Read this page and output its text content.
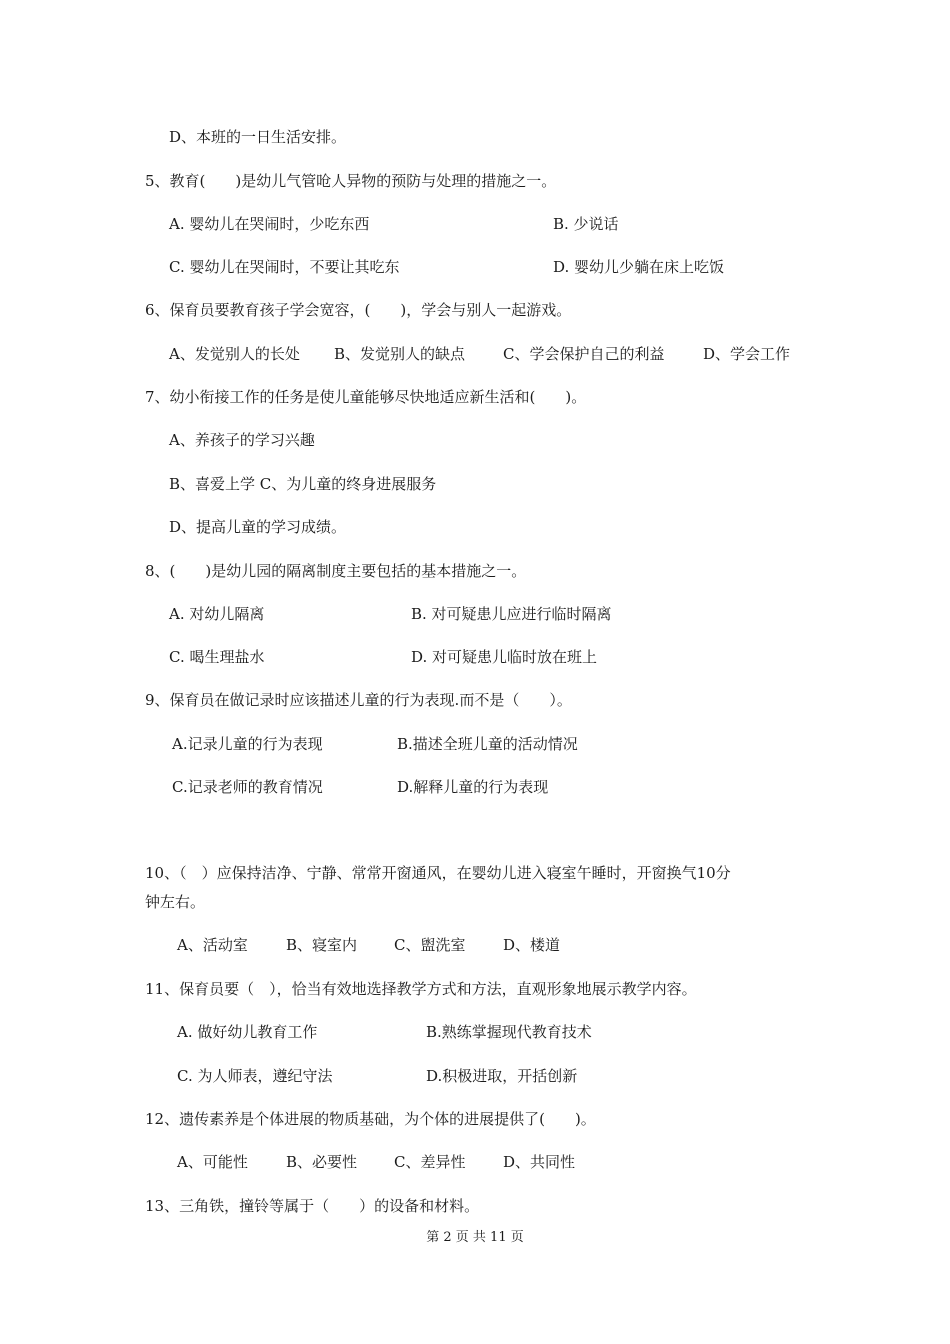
D、本班的一日生活安排。
5、教育(　　)是幼儿气管呛人异物的预防与处理的措施之一。
A. 婴幼儿在哭闹时，少吃东西	B. 少说话
C. 婴幼儿在哭闹时，不要让其吃东	D. 婴幼儿少躺在床上吃饭
6、保育员要教育孩子学会宽容，(　　)，学会与别人一起游戏。
A、发觉别人的长处 B、发觉别人的缺点	C、学会保护自己的利益	D、学会工作
7、幼小衔接工作的任务是使儿童能够尽快地适应新生活和(　　)。
A、养孩子的学习兴趣
B、喜爱上学 C、为儿童的终身进展服务
D、提高儿童的学习成绩。
8、(　　)是幼儿园的隔离制度主要包括的基本措施之一。
A. 对幼儿隔离	B. 对可疑患儿应进行临时隔离
C. 喝生理盐水	D. 对可疑患儿临时放在班上
9、保育员在做记录时应该描述儿童的行为表现.而不是（　　）。
A.记录儿童的行为表现	B.描述全班儿童的活动情况
C.记录老师的教育情况	D.解释儿童的行为表现
10、（　）应保持洁净、宁静、常常开窗通风，在婴幼儿进入寝室午睡时，开窗换气10分
钟左右。
A、活动室	B、寝室内 C、盥洗室	D、楼道
11、保育员要（　），恰当有效地选择教学方式和方法，直观形象地展示教学内容。
A. 做好幼儿教育工作	B.熟练掌握现代教育技术
C. 为人师表，遵纪守法	D.积极进取，开括创新
12、遗传素养是个体进展的物质基础，为个体的进展提供了(　　)。
A、可能性	B、必要性 C、差异性	D、共同性
13、三角铁，撞铃等属于（　　）的设备和材料。
第 2 页 共 11 页
